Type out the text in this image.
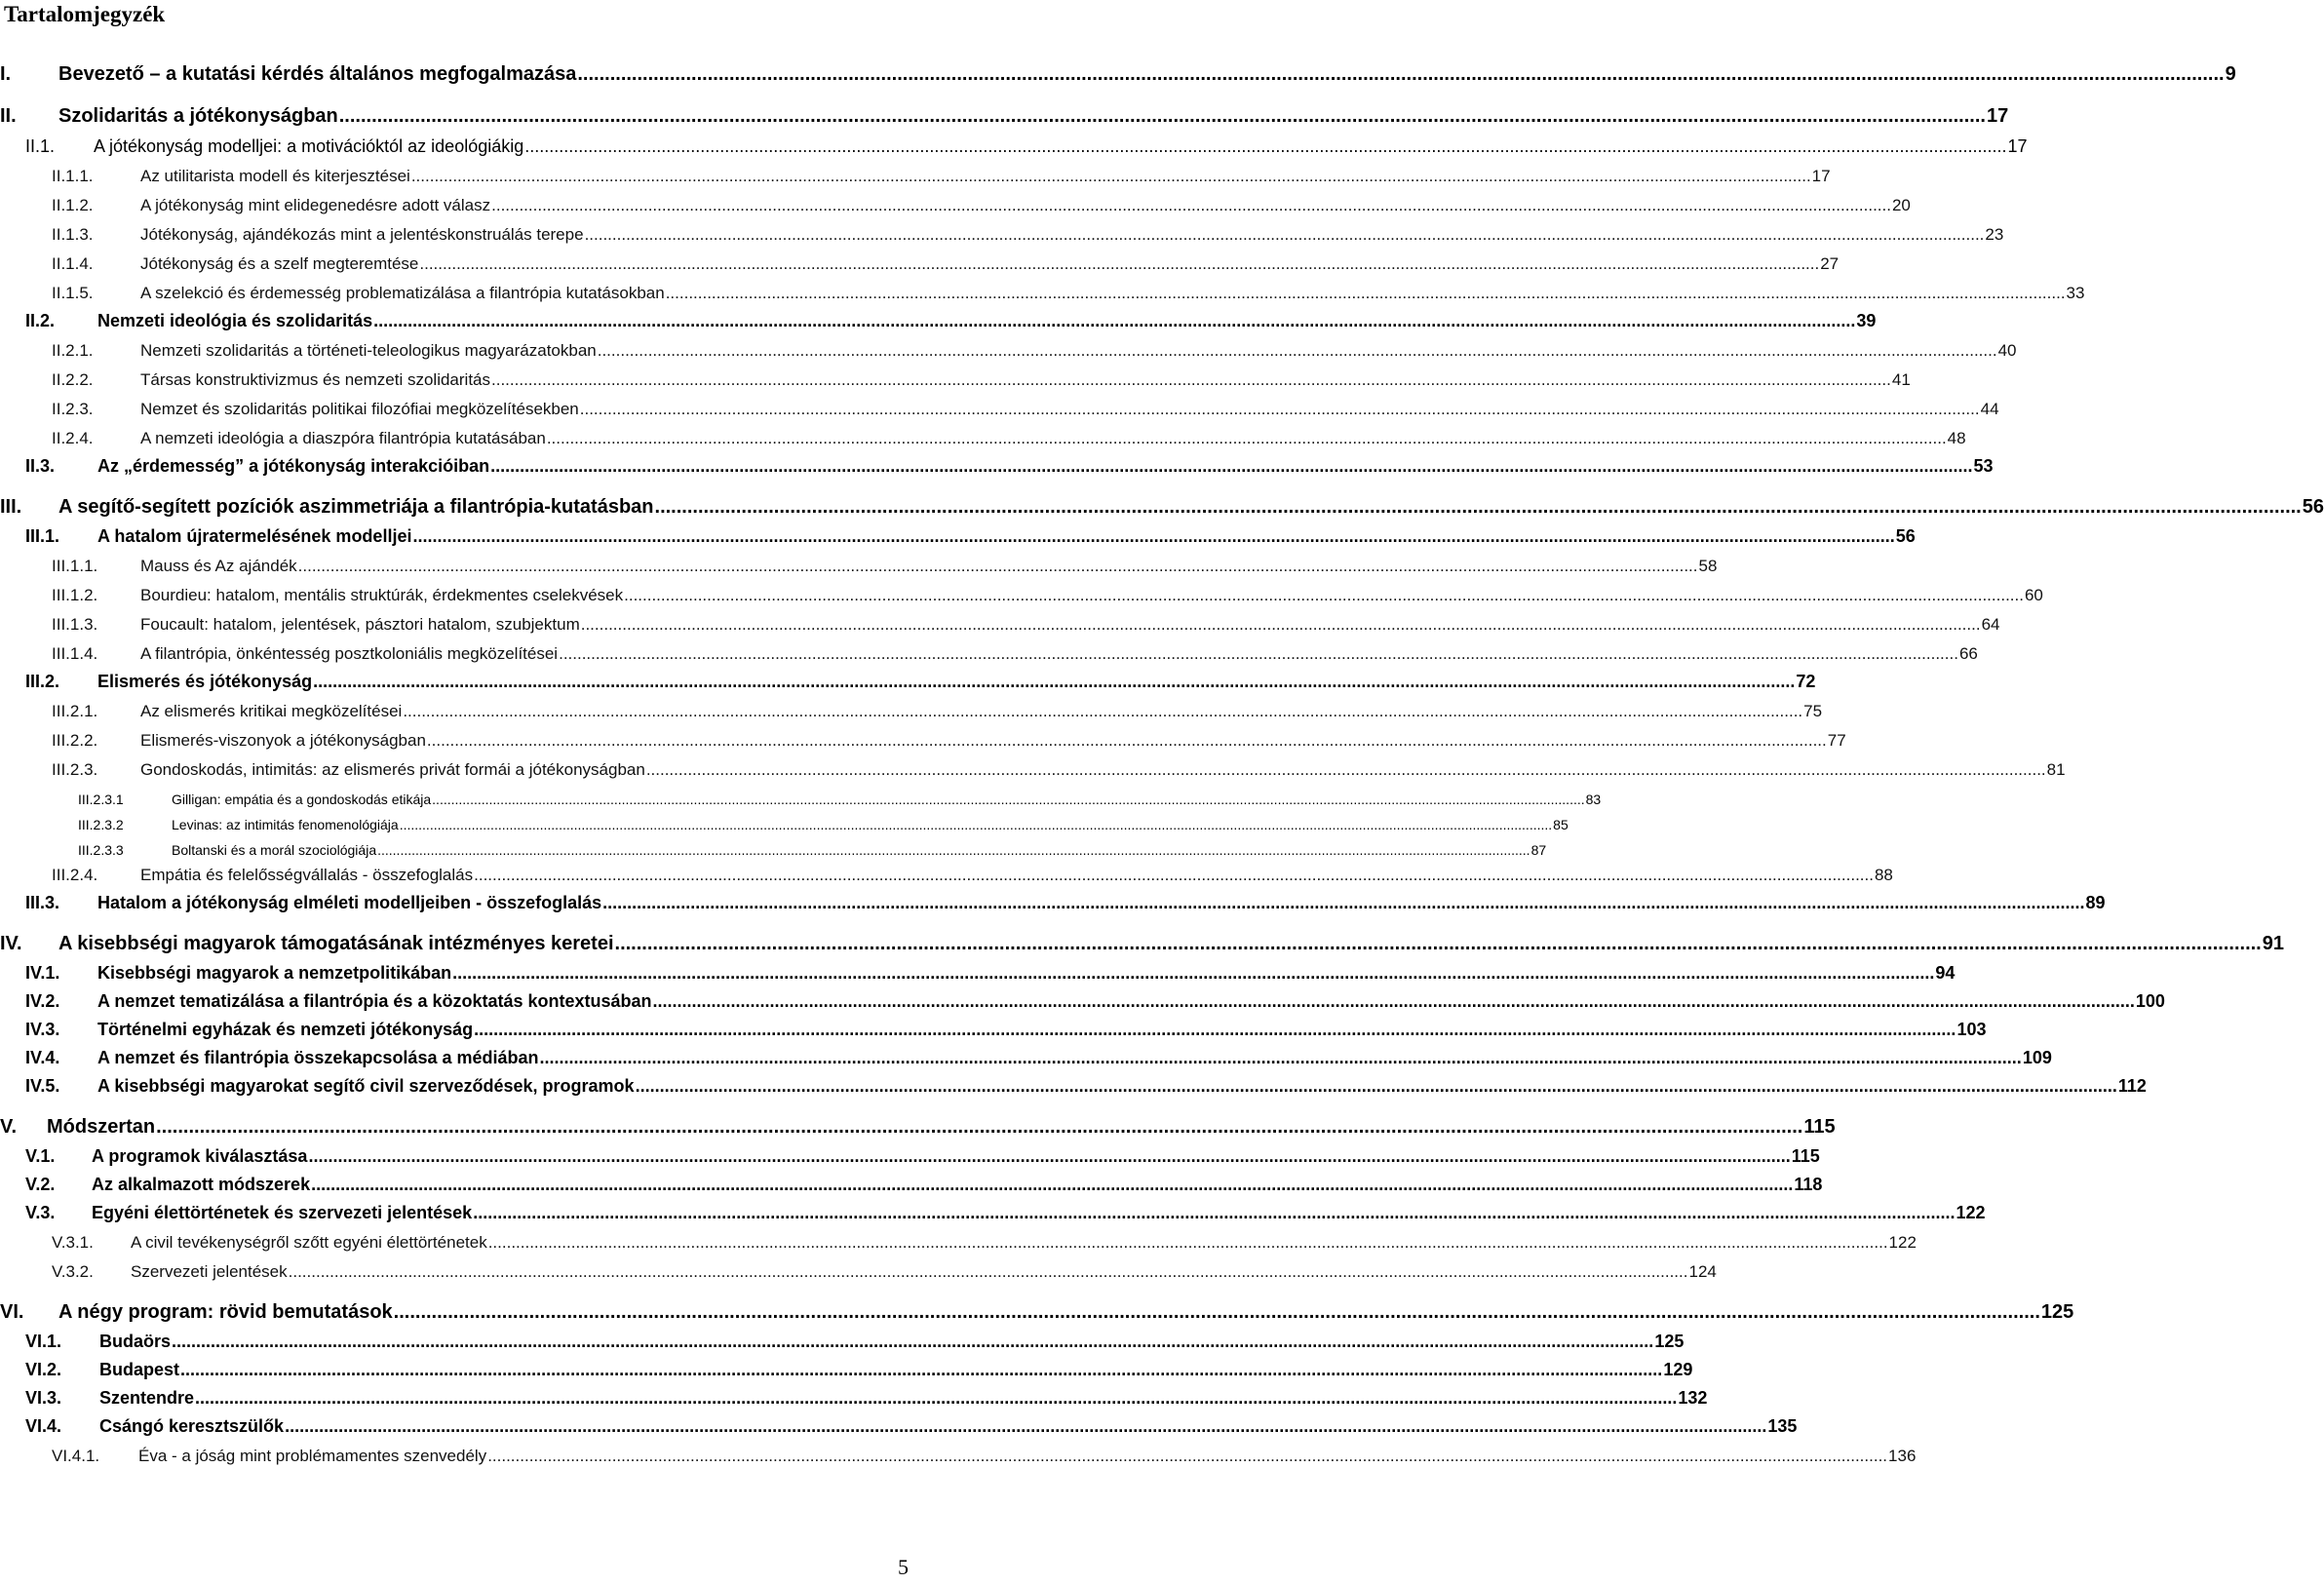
Tartalomjegyzék
I.	Bevezető – a kutatási kérdés általános megfogalmazása .....	9
II.	Szolidaritás a jótékonyságban .....	17
II.1.	A jótékonyság modelljei: a motivációktól az ideológiákig .....	17
II.1.1.	Az utilitarista modell és kiterjesztései .....	17
II.1.2.	A jótékonyság mint elidegenedésre adott válasz .....	20
II.1.3.	Jótékonyság, ajándékozás mint a jelentéskonstruálás terepe .....	23
II.1.4.	Jótékonyság és a szelf megteremtése .....	27
II.1.5.	A szelekció és érdemesség problematizálása a filantrópia kutatásokban .....	33
II.2.	Nemzeti ideológia és szolidaritás .....	39
II.2.1.	Nemzeti szolidaritás a történeti-teleologikus magyarázatokban .....	40
II.2.2.	Társas konstruktivizmus és nemzeti szolidaritás .....	41
II.2.3.	Nemzet és szolidaritás politikai filozófiai megközelítésekben .....	44
II.2.4.	A nemzeti ideológia a diaszpóra filantrópia kutatásában .....	48
II.3.	Az „érdemesség” a jótékonyság interakcióiban .....	53
III.	A segítő-segített pozíciók aszimmetriája a filantrópia-kutatásban .....	56
III.1.	A hatalom újratermelésének modelljei .....	56
III.1.1.	Mauss és Az ajándék .....	58
III.1.2.	Bourdieu: hatalom, mentális struktúrák, érdekmentes cselekvések .....	60
III.1.3.	Foucault: hatalom, jelentések, pásztori hatalom, szubjektum .....	64
III.1.4.	A filantrópia, önkéntesség posztkoloniális megközelítései .....	66
III.2.	Elismerés és jótékonyság .....	72
III.2.1.	Az elismerés kritikai megközelítései .....	75
III.2.2.	Elismerés-viszonyok a jótékonyságban .....	77
III.2.3.	Gondoskodás, intimitás: az elismerés privát formái a jótékonyságban .....	81
III.2.3.1	Gilligan: empátia és a gondoskodás etikája .....	83
III.2.3.2	Levinas: az intimitás fenomenológiája .....	85
III.2.3.3	Boltanski és a morál szociológiája .....	87
III.2.4.	Empátia és felelősségvállalás - összefoglalás .....	88
III.3.	Hatalom a jótékonyság elméleti modelljeiben - összefoglalás .....	89
IV.	A kisebbségi magyarok támogatásának intézményes keretei .....	91
IV.1.	Kisebbségi magyarok a nemzetpolitikában .....	94
IV.2.	A nemzet tematizálása a filantrópia és a közoktatás kontextusában .....	100
IV.3.	Történelmi egyházak és nemzeti jótékonyság .....	103
IV.4.	A nemzet és filantrópia összekapcsolása a médiában .....	109
IV.5.	A kisebbségi magyarokat segítő civil szerveződések, programok .....	112
V.	Módszertan .....	115
V.1.	A programok kiválasztása .....	115
V.2.	Az alkalmazott módszerek .....	118
V.3.	Egyéni élettörténetek és szervezeti jelentések .....	122
V.3.1.	A civil tevékenységről szőtt egyéni élettörténetek .....	122
V.3.2.	Szervezeti jelentések .....	124
VI.	A négy program: rövid bemutatások .....	125
VI.1.	Budaörs .....	125
VI.2.	Budapest .....	129
VI.3.	Szentendre .....	132
VI.4.	Csángó keresztszülők .....	135
VI.4.1.	Éva - a jóság mint problémamentes szenvedély .....	136
5
